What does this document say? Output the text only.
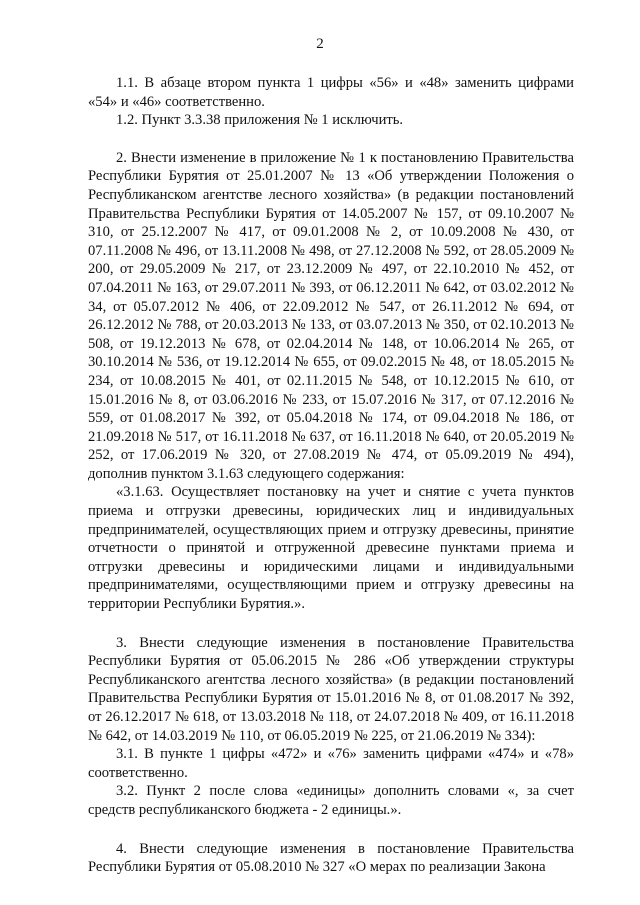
2

1.1. В абзаце втором пункта 1 цифры «56» и «48» заменить цифрами «54» и «46» соответственно.

1.2. Пункт 3.3.38 приложения № 1 исключить.

2. Внести изменение в приложение № 1 к постановлению Правительства Республики Бурятия от 25.01.2007 № 13 «Об утверждении Положения о Республиканском агентстве лесного хозяйства» (в редакции постановлений Правительства Республики Бурятия от 14.05.2007 № 157, от 09.10.2007 № 310, от 25.12.2007 № 417, от 09.01.2008 № 2, от 10.09.2008 № 430, от 07.11.2008 № 496, от 13.11.2008 № 498, от 27.12.2008 № 592, от 28.05.2009 № 200, от 29.05.2009 № 217, от 23.12.2009 № 497, от 22.10.2010 № 452, от 07.04.2011 № 163, от 29.07.2011 № 393, от 06.12.2011 № 642, от 03.02.2012 № 34, от 05.07.2012 № 406, от 22.09.2012 № 547, от 26.11.2012 № 694, от 26.12.2012 № 788, от 20.03.2013 № 133, от 03.07.2013 № 350, от 02.10.2013 № 508, от 19.12.2013 № 678, от 02.04.2014 № 148, от 10.06.2014 № 265, от 30.10.2014 № 536, от 19.12.2014 № 655, от 09.02.2015 № 48, от 18.05.2015 № 234, от 10.08.2015 № 401, от 02.11.2015 № 548, от 10.12.2015 № 610, от 15.01.2016 № 8, от 03.06.2016 № 233, от 15.07.2016 № 317, от 07.12.2016 № 559, от 01.08.2017 № 392, от 05.04.2018 № 174, от 09.04.2018 № 186, от 21.09.2018 № 517, от 16.11.2018 № 637, от 16.11.2018 № 640, от 20.05.2019 № 252, от 17.06.2019 № 320, от 27.08.2019 № 474, от 05.09.2019 № 494), дополнив пунктом 3.1.63 следующего содержания:

«3.1.63. Осуществляет постановку на учет и снятие с учета пунктов приема и отгрузки древесины, юридических лиц и индивидуальных предпринимателей, осуществляющих прием и отгрузку древесины, принятие отчетности о принятой и отгруженной древесине пунктами приема и отгрузки древесины и юридическими лицами и индивидуальными предпринимателями, осуществляющими прием и отгрузку древесины на территории Республики Бурятия.».

3. Внести следующие изменения в постановление Правительства Республики Бурятия от 05.06.2015 № 286 «Об утверждении структуры Республиканского агентства лесного хозяйства» (в редакции постановлений Правительства Республики Бурятия от 15.01.2016 № 8, от 01.08.2017 № 392, от 26.12.2017 № 618, от 13.03.2018 № 118, от 24.07.2018 № 409, от 16.11.2018 № 642, от 14.03.2019 № 110, от 06.05.2019 № 225, от 21.06.2019 № 334):

3.1. В пункте 1 цифры «472» и «76» заменить цифрами «474» и «78» соответственно.

3.2. Пункт 2 после слова «единицы» дополнить словами «, за счет средств республиканского бюджета - 2 единицы.».

4. Внести следующие изменения в постановление Правительства Республики Бурятия от 05.08.2010 № 327 «О мерах по реализации Закона
